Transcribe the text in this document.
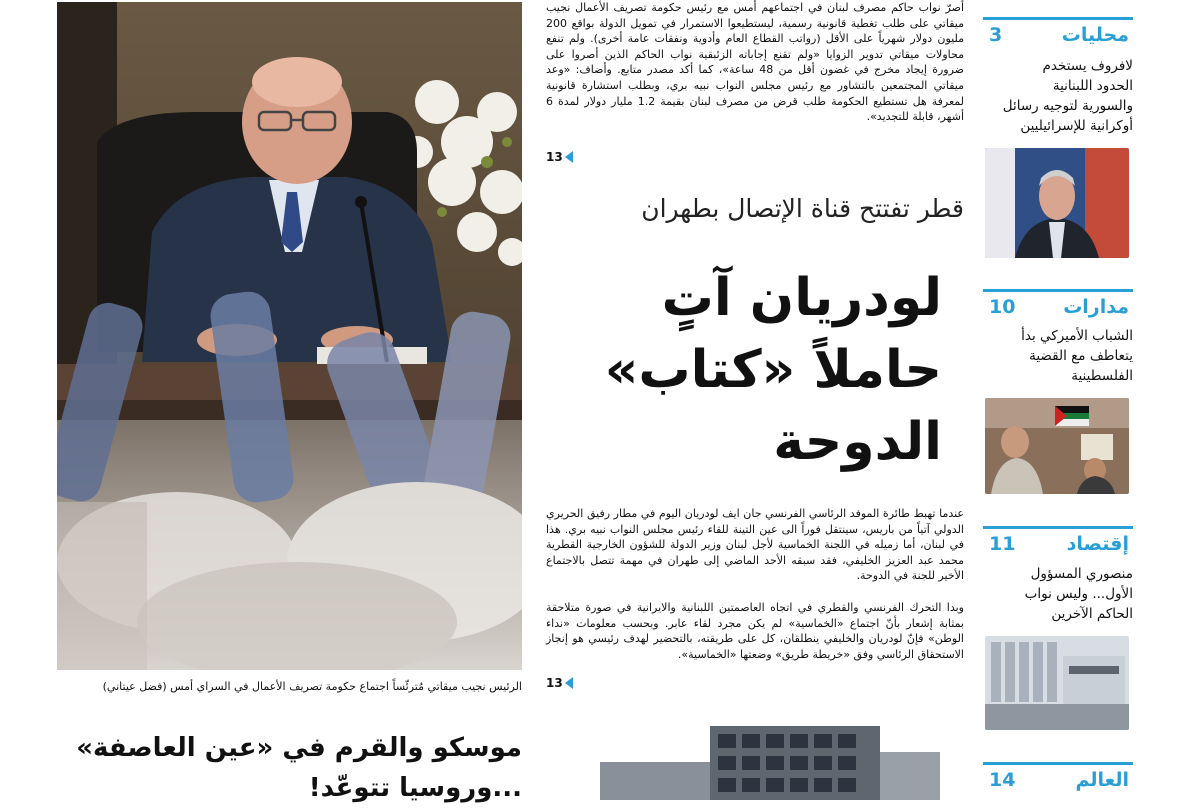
الرئيس نجيب ميقاتي مُترئّساً اجتماع حكومة تصريف الأعمال في السراي أمس (فضل عيتاني)
موسكو والقرم في «عين العاصفة»
...وروسيا تتوعّد!
أصرّ نواب حاكم مصرف لبنان في اجتماعهم أمس مع رئيس حكومة تصريف الأعمال نجيب ميقاتي على طلب تغطية قانونية رسمية، ليستطيعوا الاستمرار في تمويل الدولة بواقع 200 مليون دولار شهرياً على الأقل (رواتب القطاع العام وأدوية ونفقات عامة أخرى). ولم تنفع محاولات ميقاتي تدوير الزوايا «ولم تقنع إجاباته الزئبقية نواب الحاكم الذين أصروا على ضرورة إيجاد مخرج في غضون أقل من 48 ساعة»، كما أكد مصدر متابع. وأضاف: «وعد ميقاتي المجتمعين بالتشاور مع رئيس مجلس النواب نبيه بري، وبطلب استشارة قانونية لمعرفة هل تستطيع الحكومة طلب قرض من مصرف لبنان بقيمة 1.2 مليار دولار لمدة 6 أشهر، قابلة للتجديد».
13
قطر تفتتح قناة الإتصال بطهران
لودريان آتٍ
حاملاً «كتاب»
الدوحة
عندما تهبط طائرة الموفد الرئاسي الفرنسي جان ايف لودريان اليوم في مطار رفيق الحريري الدولي آتياً من باريس، سينتقل فوراً الى عين التينة للقاء رئيس مجلس النواب نبيه بري. هذا في لبنان، أما زميله في اللجنة الخماسية لأجل لبنان وزير الدولة للشؤون الخارجية القطرية محمد عبد العزيز الخليفي، فقد سبقه الأحد الماضي إلى طهران في مهمة تتصل بالاجتماع الأخير للجنة في الدوحة.
وبدا التحرك الفرنسي والقطري في اتجاه العاصمتين اللبنانية والايرانية في صورة متلاحقة بمثابة إشعار بأنّ اجتماع «الخماسية» لم يكن مجرد لقاء عابر. وبحسب معلومات «نداء الوطن» فإنّ لودريان والخليفي ينطلقان، كل على طريقته، بالتحضير لهدف رئيسي هو إنجاز الاستحقاق الرئاسي وفق «خريطة طريق» وضعتها «الخماسية».
13
محليات
3
لافروف يستخدم
الحدود اللبنانية
والسورية لتوجيه رسائل
أوكرانية للإسرائيليين
مدارات
10
الشباب الأميركي بدأ
يتعاطف مع القضية
الفلسطينية
إقتصاد
11
منصوري المسؤول
الأول... وليس نواب
الحاكم الآخرين
العالم
14
